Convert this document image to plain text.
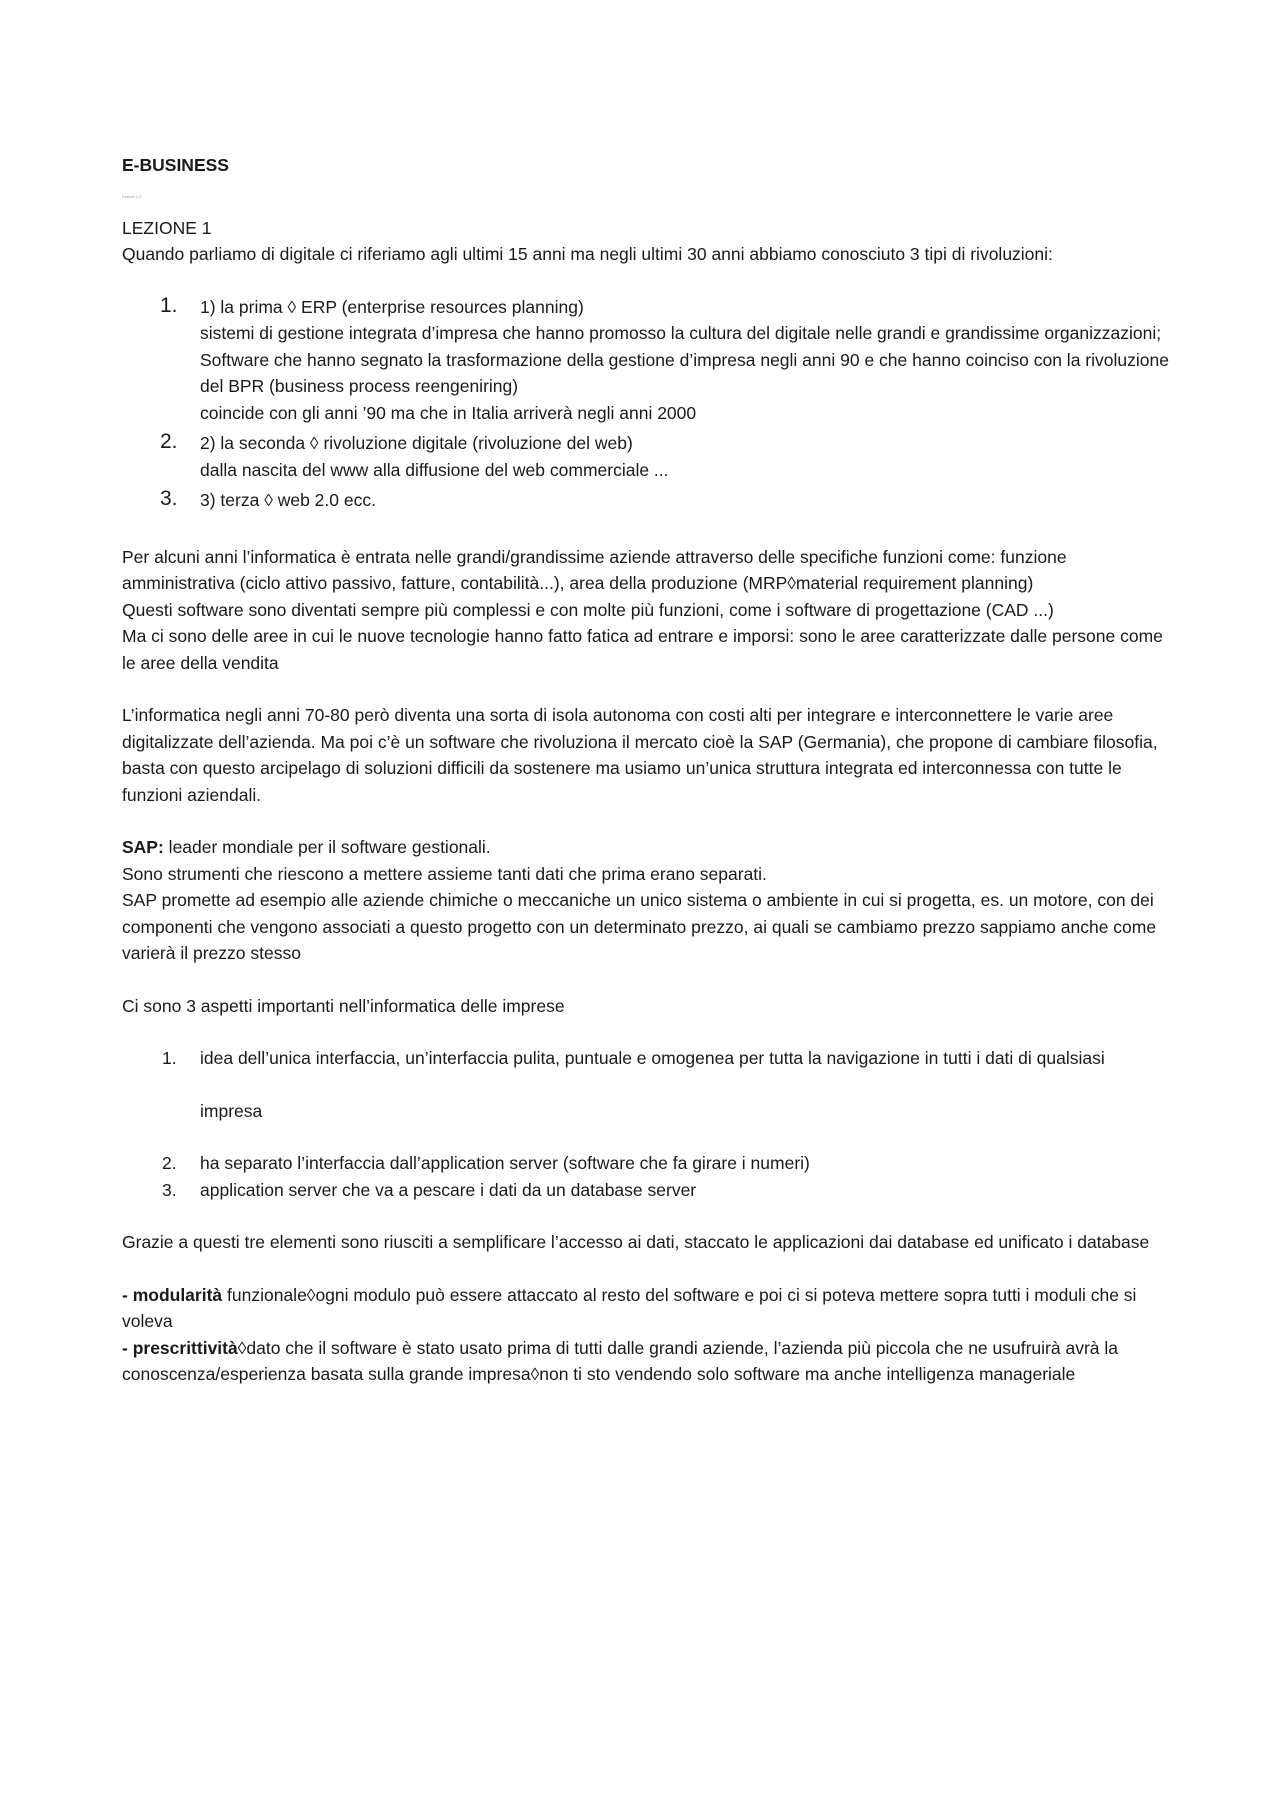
E-BUSINESS

Lezioni 1-3

LEZIONE 1

Quando parliamo di digitale ci riferiamo agli ultimi 15 anni ma negli ultimi 30 anni abbiamo conosciuto 3 tipi di rivoluzioni:

1. 1) la prima ◊ ERP (enterprise resources planning)

sistemi di gestione integrata d’impresa che hanno promosso la cultura del digitale nelle grandi e grandissime organizzazioni; Software che hanno segnato la trasformazione della gestione d’impresa negli anni 90 e che hanno coinciso con la rivoluzione del BPR (business process reengeniring)

coincide con gli anni ’90 ma che in Italia arriverà negli anni 2000

2. 2) la seconda ◊ rivoluzione digitale (rivoluzione del web)

dalla nascita del www alla diffusione del web commerciale ...

3. 3) terza ◊ web 2.0 ecc.

Per alcuni anni l’informatica è entrata nelle grandi/grandissime aziende attraverso delle specifiche funzioni come: funzione amministrativa (ciclo attivo passivo, fatture, contabilità...), area della produzione (MRP◊material requirement planning)

Questi software sono diventati sempre più complessi e con molte più funzioni, come i software di progettazione (CAD ...)

Ma ci sono delle aree in cui le nuove tecnologie hanno fatto fatica ad entrare e imporsi: sono le aree caratterizzate dalle persone come le aree della vendita

L’informatica negli anni 70-80 però diventa una sorta di isola autonoma con costi alti per integrare e interconnettere le varie aree digitalizzate dell’azienda. Ma poi c’è un software che rivoluziona il mercato cioè la SAP (Germania), che propone di cambiare filosofia, basta con questo arcipelago di soluzioni difficili da sostenere ma usiamo un’unica struttura integrata ed interconnessa con tutte le funzioni aziendali.

SAP: leader mondiale per il software gestionali.

Sono strumenti che riescono a mettere assieme tanti dati che prima erano separati.

SAP promette ad esempio alle aziende chimiche o meccaniche un unico sistema o ambiente in cui si progetta, es. un motore, con dei componenti che vengono associati a questo progetto con un determinato prezzo, ai quali se cambiamo prezzo sappiamo anche come varierà il prezzo stesso

Ci sono 3 aspetti importanti nell’informatica delle imprese

1. idea dell’unica interfaccia, un’interfaccia pulita, puntuale e omogenea per tutta la navigazione in tutti i dati di qualsiasi

impresa

2. ha separato l’interfaccia dall’application server (software che fa girare i numeri)

3. application server che va a pescare i dati da un database server

Grazie a questi tre elementi sono riusciti a semplificare l’accesso ai dati, staccato le applicazioni dai database ed unificato i database

- modularità funzionale◊ogni modulo può essere attaccato al resto del software e poi ci si poteva mettere sopra tutti i moduli che si voleva

- prescrittività◊dato che il software è stato usato prima di tutti dalle grandi aziende, l’azienda più piccola che ne usufruirà avrà la conoscenza/esperienza basata sulla grande impresa◊non ti sto vendendo solo software ma anche intelligenza manageriale
